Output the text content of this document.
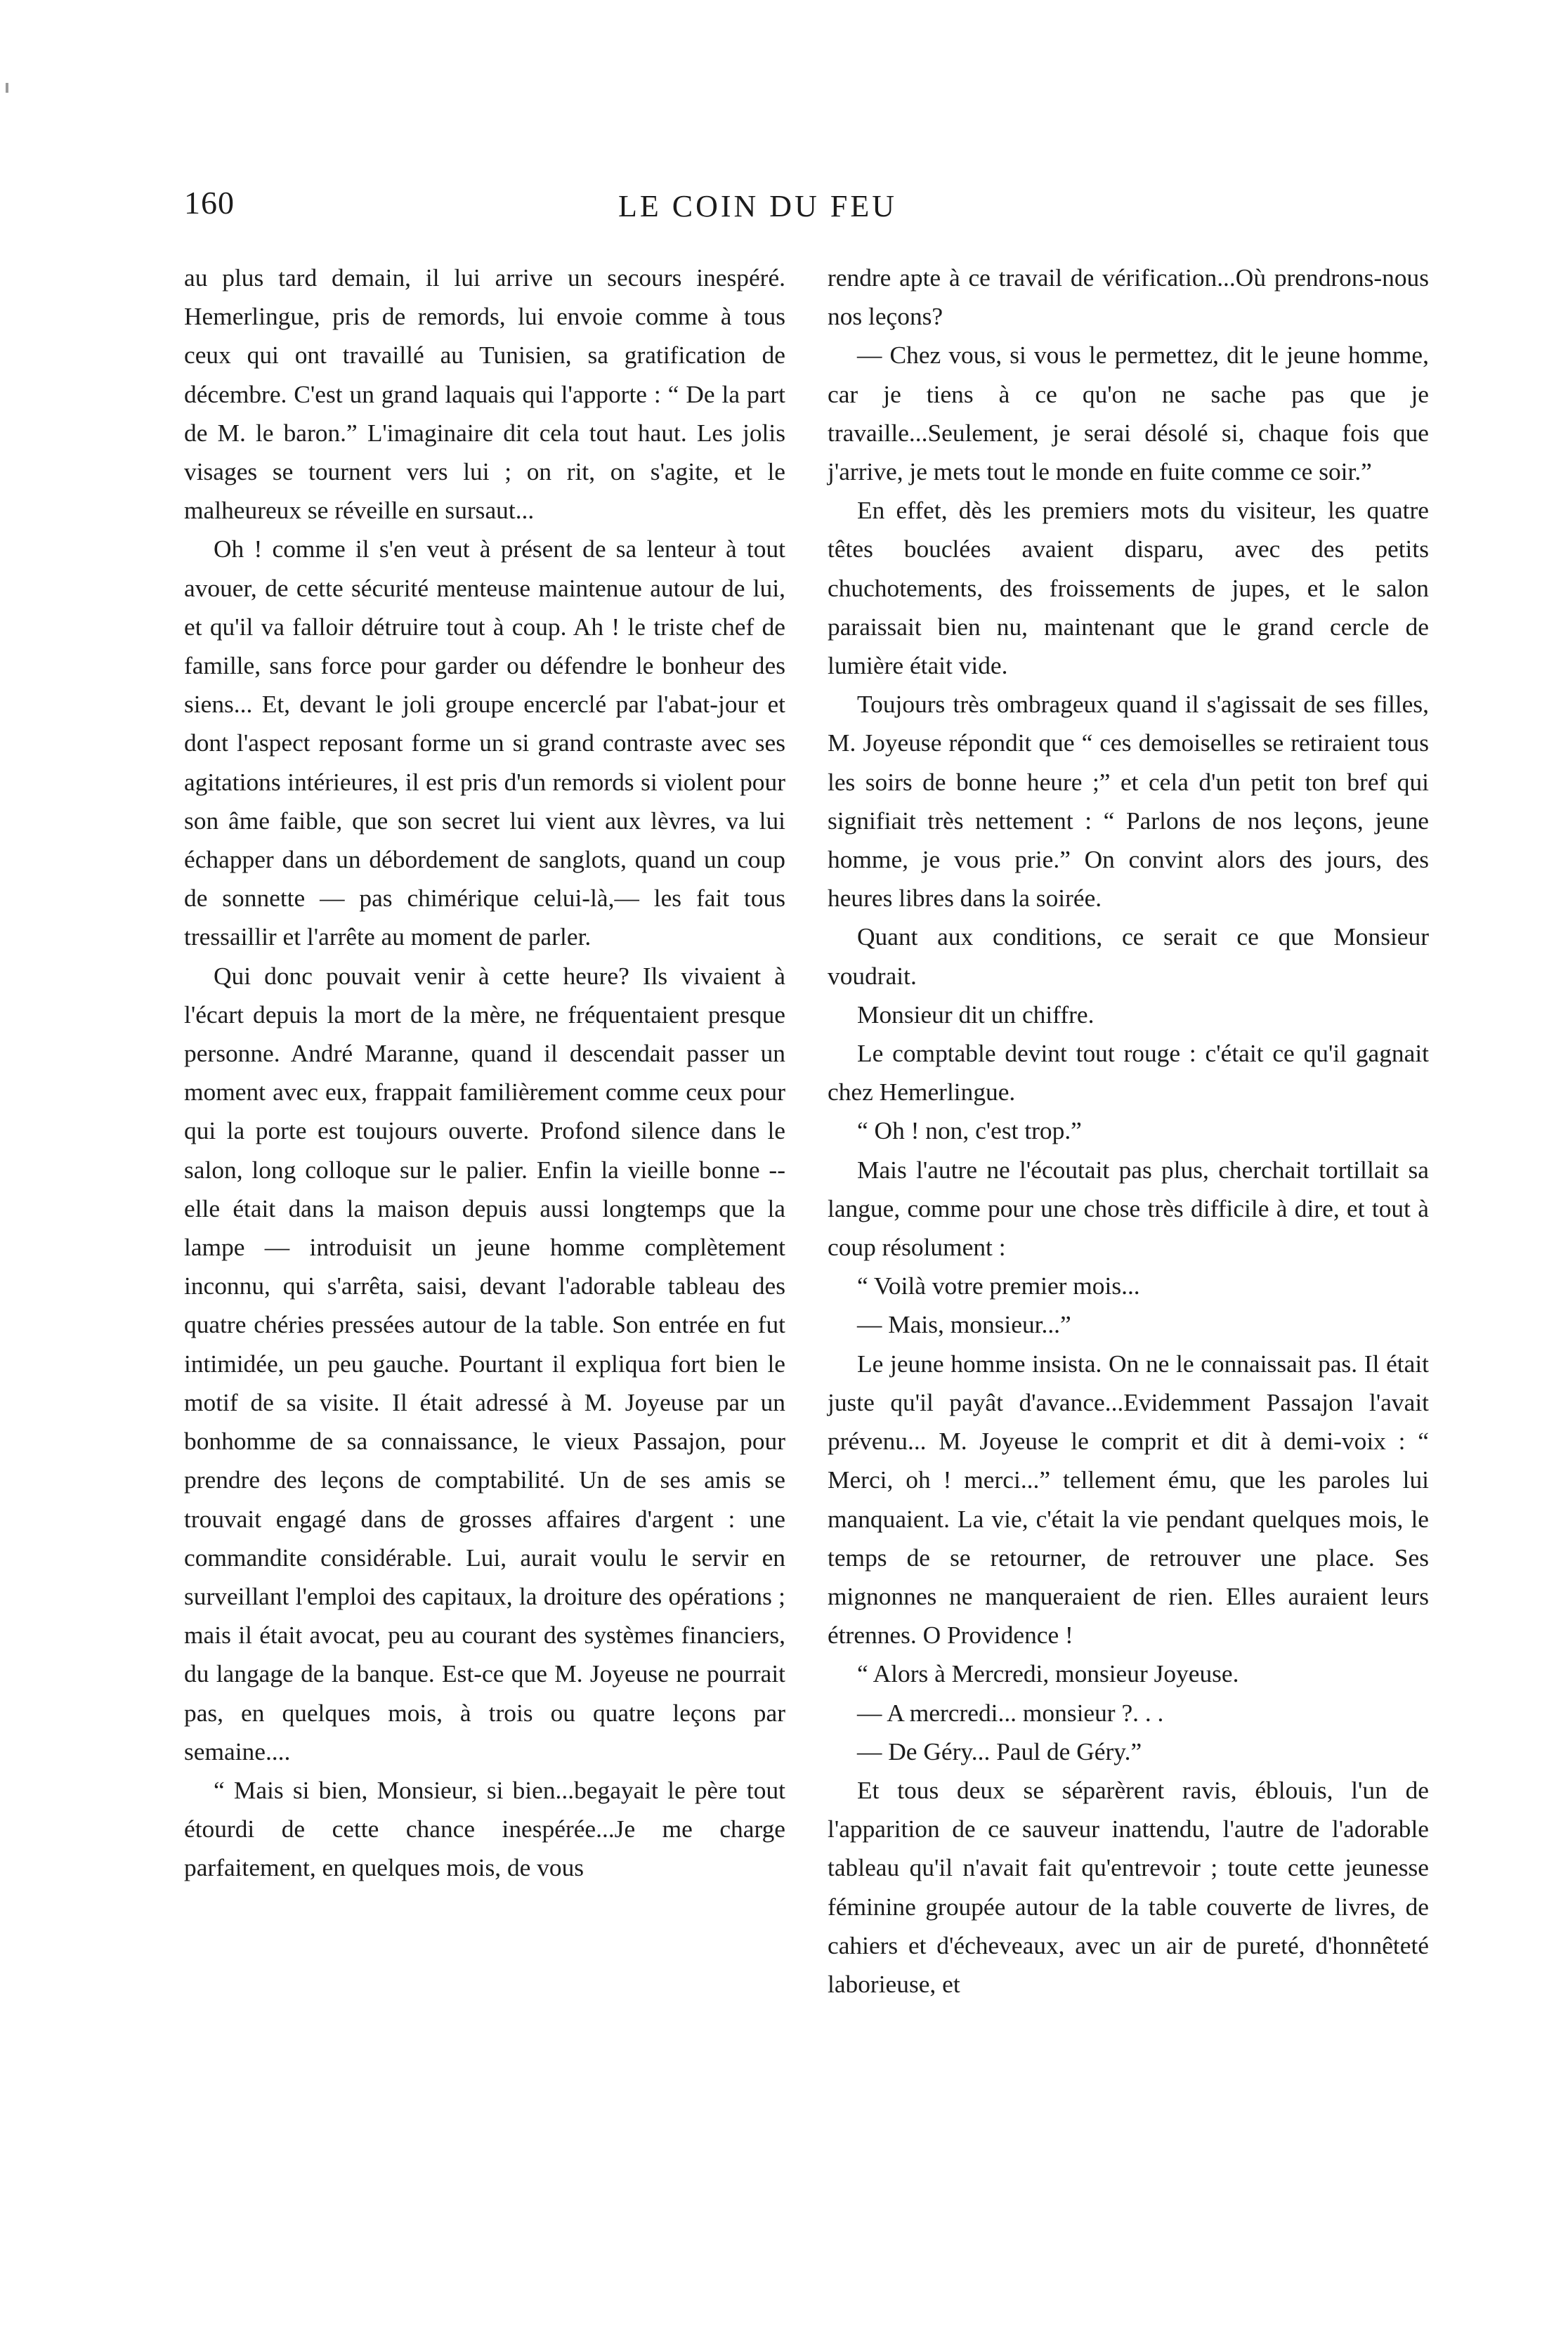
160	LE COIN DU FEU

au plus tard demain, il lui arrive un secours inespéré. Hemerlingue, pris de remords, lui envoie comme à tous ceux qui ont travaillé au Tunisien, sa gratification de décembre. C'est un grand laquais qui l'apporte : “ De la part de M. le baron.” L'imaginaire dit cela tout haut. Les jolis visages se tournent vers lui ; on rit, on s'agite, et le malheureux se réveille en sursaut...

Oh ! comme il s'en veut à présent de sa lenteur à tout avouer, de cette sécurité menteuse maintenue autour de lui, et qu'il va falloir détruire tout à coup. Ah ! le triste chef de famille, sans force pour garder ou défendre le bonheur des siens... Et, devant le joli groupe encerclé par l'abat-jour et dont l'aspect reposant forme un si grand contraste avec ses agitations intérieures, il est pris d'un remords si violent pour son âme faible, que son secret lui vient aux lèvres, va lui échapper dans un débordement de sanglots, quand un coup de sonnette — pas chimérique celui-là,— les fait tous tressaillir et l'arrête au moment de parler.

Qui donc pouvait venir à cette heure? Ils vivaient à l'écart depuis la mort de la mère, ne fréquentaient presque personne. André Maranne, quand il descendait passer un moment avec eux, frappait familièrement comme ceux pour qui la porte est toujours ouverte. Profond silence dans le salon, long colloque sur le palier. Enfin la vieille bonne -- elle était dans la maison depuis aussi longtemps que la lampe — introduisit un jeune homme complètement inconnu, qui s'arrêta, saisi, devant l'adorable tableau des quatre chéries pressées autour de la table. Son entrée en fut intimidée, un peu gauche. Pourtant il expliqua fort bien le motif de sa visite. Il était adressé à M. Joyeuse par un bonhomme de sa connaissance, le vieux Passajon, pour prendre des leçons de comptabilité. Un de ses amis se trouvait engagé dans de grosses affaires d'argent : une commandite considérable. Lui, aurait voulu le servir en surveillant l'emploi des capitaux, la droiture des opérations ; mais il était avocat, peu au courant des systèmes financiers, du langage de la banque. Est-ce que M. Joyeuse ne pourrait pas, en quelques mois, à trois ou quatre leçons par semaine....

“ Mais si bien, Monsieur, si bien...begayait le père tout étourdi de cette chance inespérée...Je me charge parfaitement, en quelques mois, de vous

rendre apte à ce travail de vérification...Où prendrons-nous nos leçons?

— Chez vous, si vous le permettez, dit le jeune homme, car je tiens à ce qu'on ne sache pas que je travaille...Seulement, je serai désolé si, chaque fois que j'arrive, je mets tout le monde en fuite comme ce soir.”

En effet, dès les premiers mots du visiteur, les quatre têtes bouclées avaient disparu, avec des petits chuchotements, des froissements de jupes, et le salon paraissait bien nu, maintenant que le grand cercle de lumière était vide.

Toujours très ombrageux quand il s'agissait de ses filles, M. Joyeuse répondit que “ ces demoiselles se retiraient tous les soirs de bonne heure ;” et cela d'un petit ton bref qui signifiait très nettement : “ Parlons de nos leçons, jeune homme, je vous prie.” On convint alors des jours, des heures libres dans la soirée.

Quant aux conditions, ce serait ce que Monsieur voudrait.

Monsieur dit un chiffre.

Le comptable devint tout rouge : c'était ce qu'il gagnait chez Hemerlingue.

“ Oh ! non, c'est trop.”

Mais l'autre ne l'écoutait pas plus, cherchait tortillait sa langue, comme pour une chose très difficile à dire, et tout à coup résolument :

“ Voilà votre premier mois...

— Mais, monsieur...”

Le jeune homme insista. On ne le connaissait pas. Il était juste qu'il payât d'avance...Evidemment Passajon l'avait prévenu... M. Joyeuse le comprit et dit à demi-voix : “ Merci, oh ! merci...” tellement ému, que les paroles lui manquaient. La vie, c'était la vie pendant quelques mois, le temps de se retourner, de retrouver une place. Ses mignonnes ne manqueraient de rien. Elles auraient leurs étrennes. O Providence !

“ Alors à Mercredi, monsieur Joyeuse.

— A mercredi... monsieur ?. . .

— De Géry... Paul de Géry.”

Et tous deux se séparèrent ravis, éblouis, l'un de l'apparition de ce sauveur inattendu, l'autre de l'adorable tableau qu'il n'avait fait qu'entrevoir ; toute cette jeunesse féminine groupée autour de la table couverte de livres, de cahiers et d'écheveaux, avec un air de pureté, d'honnêteté laborieuse, et
